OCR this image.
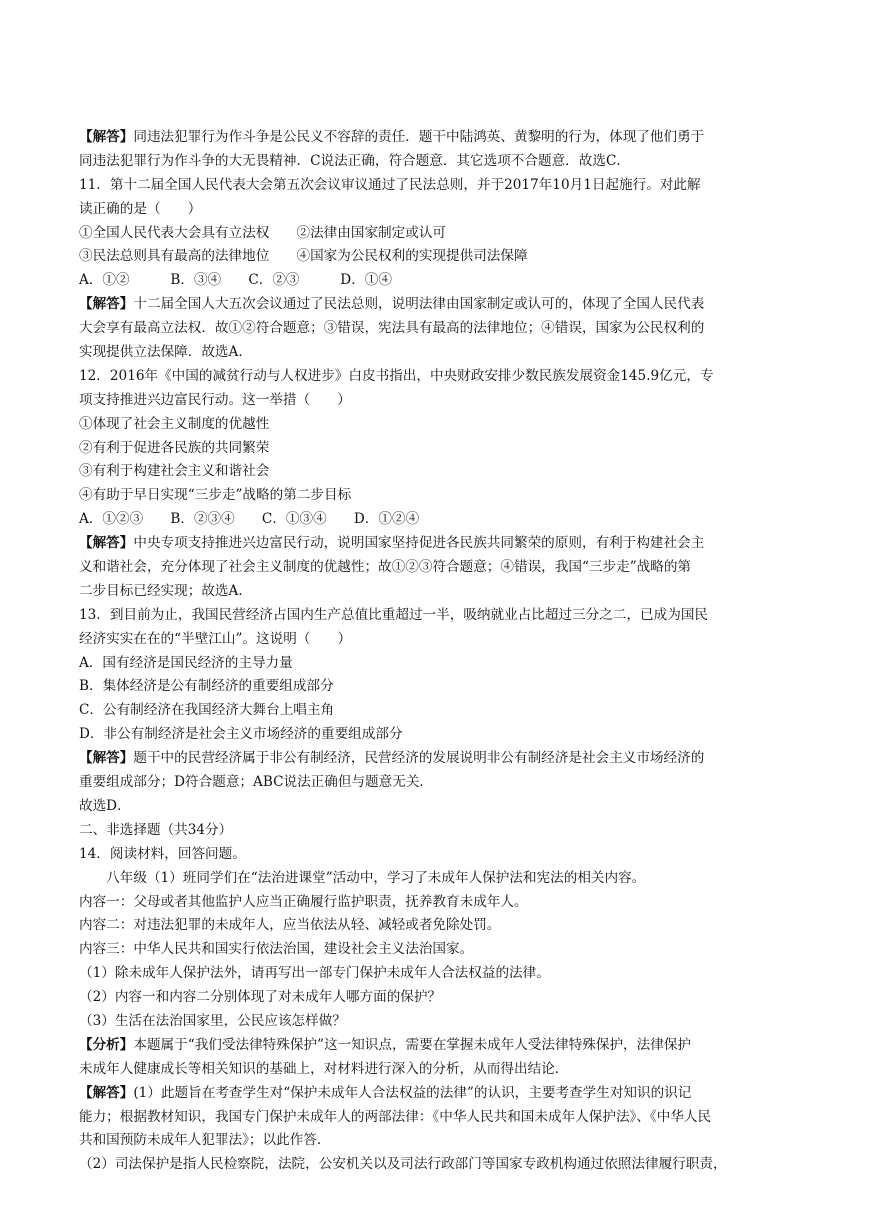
【解答】同违法犯罪行为作斗争是公民义不容辞的责任．题干中陆鸿英、黄黎明的行为，体现了他们勇于
同违法犯罪行为作斗争的大无畏精神．C说法正确，符合题意．其它选项不合题意．故选C．
11．第十二届全国人民代表大会第五次会议审议通过了民法总则，并于2017年10月1日起施行。对此解
读正确的是（　　）
①全国人民代表大会具有立法权　　②法律由国家制定或认可
③民法总则具有最高的法律地位　　④国家为公民权利的实现提供司法保障
A．①②　　　B．③④　　C．②③　　　D．①④
【解答】十二届全国人大五次会议通过了民法总则，说明法律由国家制定或认可的，体现了全国人民代表
大会享有最高立法权．故①②符合题意；③错误，宪法具有最高的法律地位；④错误，国家为公民权利的
实现提供立法保障．故选A．
12．2016年《中国的减贫行动与人权进步》白皮书指出，中央财政安排少数民族发展资金145.9亿元，专
项支持推进兴边富民行动。这一举措（　　）
①体现了社会主义制度的优越性
②有利于促进各民族的共同繁荣
③有利于构建社会主义和谐社会
④有助于早日实现“三步走”战略的第二步目标
A．①②③　　B．②③④　　C．①③④　　D．①②④
【解答】中央专项支持推进兴边富民行动，说明国家坚持促进各民族共同繁荣的原则，有利于构建社会主
义和谐社会，充分体现了社会主义制度的优越性；故①②③符合题意；④错误，我国“三步走”战略的第
二步目标已经实现；故选A．
13．到目前为止，我国民营经济占国内生产总值比重超过一半，吸纳就业占比超过三分之二，已成为国民
经济实实在在的“半壁江山”。这说明（　　）
A．国有经济是国民经济的主导力量
B．集体经济是公有制经济的重要组成部分
C．公有制经济在我国经济大舞台上唱主角
D．非公有制经济是社会主义市场经济的重要组成部分
【解答】题干中的民营经济属于非公有制经济，民营经济的发展说明非公有制经济是社会主义市场经济的
重要组成部分；D符合题意；ABC说法正确但与题意无关．
故选D．
二、非选择题（共34分）
14．阅读材料，回答问题。
　　八年级（1）班同学们在“法治进课堂”活动中，学习了未成年人保护法和宪法的相关内容。
内容一：父母或者其他监护人应当正确履行监护职责，抚养教育未成年人。
内容二：对违法犯罪的未成年人，应当依法从轻、减轻或者免除处罚。
内容三：中华人民共和国实行依法治国，建设社会主义法治国家。
（1）除未成年人保护法外，请再写出一部专门保护未成年人合法权益的法律。
（2）内容一和内容二分别体现了对未成年人哪方面的保护？
（3）生活在法治国家里，公民应该怎样做？
【分析】本题属于“我们受法律特殊保护”这一知识点，需要在掌握未成年人受法律特殊保护，法律保护
未成年人健康成长等相关知识的基础上，对材料进行深入的分析，从而得出结论．
【解答】(1）此题旨在考查学生对“保护未成年人合法权益的法律”的认识，主要考查学生对知识的识记
能力；根据教材知识，我国专门保护未成年人的两部法律：《中华人民共和国未成年人保护法》、《中华人民
共和国预防未成年人犯罪法》；以此作答．
（2）司法保护是指人民检察院，法院，公安机关以及司法行政部门等国家专政机构通过依照法律履行职责，
